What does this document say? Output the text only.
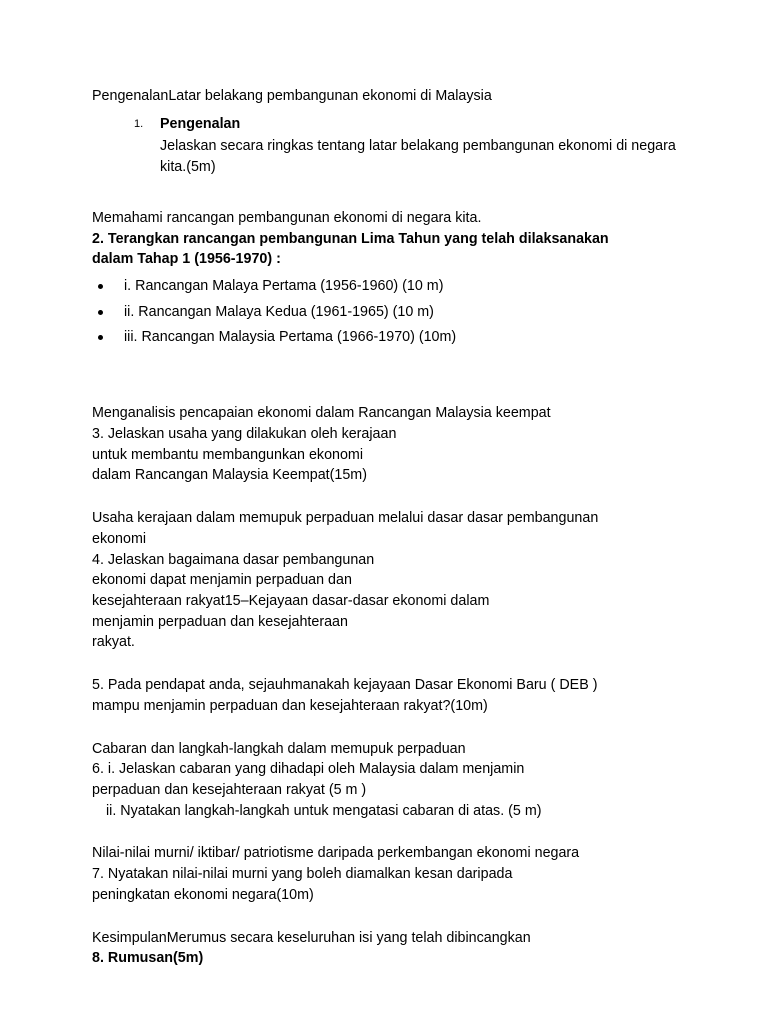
PengenalanLatar belakang pembangunan ekonomi di Malaysia

1.	Pengenalan

Jelaskan secara ringkas tentang latar belakang pembangunan ekonomi di negara kita.(5m)

Memahami rancangan pembangunan ekonomi di negara kita.

2. Terangkan rancangan pembangunan Lima Tahun yang telah dilaksanakan

dalam Tahap 1 (1956-1970) :

i. Rancangan Malaya Pertama (1956-1960) (10 m)
ii. Rancangan Malaya Kedua (1961-1965) (10 m)
iii. Rancangan Malaysia Pertama (1966-1970) (10m)

Menganalisis pencapaian ekonomi dalam Rancangan Malaysia keempat

3. Jelaskan usaha yang dilakukan oleh kerajaan

untuk membantu membangunkan ekonomi

dalam Rancangan Malaysia Keempat(15m)

Usaha kerajaan dalam memupuk perpaduan melalui dasar dasar pembangunan

ekonomi

4. Jelaskan bagaimana dasar pembangunan

ekonomi dapat menjamin perpaduan dan

kesejahteraan rakyat15–Kejayaan dasar-dasar ekonomi dalam

menjamin perpaduan dan kesejahteraan

rakyat.

5. Pada pendapat anda, sejauhmanakah kejayaan Dasar Ekonomi Baru ( DEB )

mampu menjamin perpaduan dan kesejahteraan rakyat?(10m)

Cabaran dan langkah-langkah dalam memupuk perpaduan

6. i. Jelaskan cabaran yang dihadapi oleh Malaysia dalam menjamin

perpaduan dan kesejahteraan rakyat (5 m )

ii. Nyatakan langkah-langkah untuk mengatasi cabaran di atas. (5 m)

Nilai-nilai murni/ iktibar/ patriotisme daripada perkembangan ekonomi negara

7. Nyatakan nilai-nilai murni yang boleh diamalkan kesan daripada

peningkatan ekonomi negara(10m)

KesimpulanMerumus secara keseluruhan isi yang telah dibincangkan

8. Rumusan(5m)
